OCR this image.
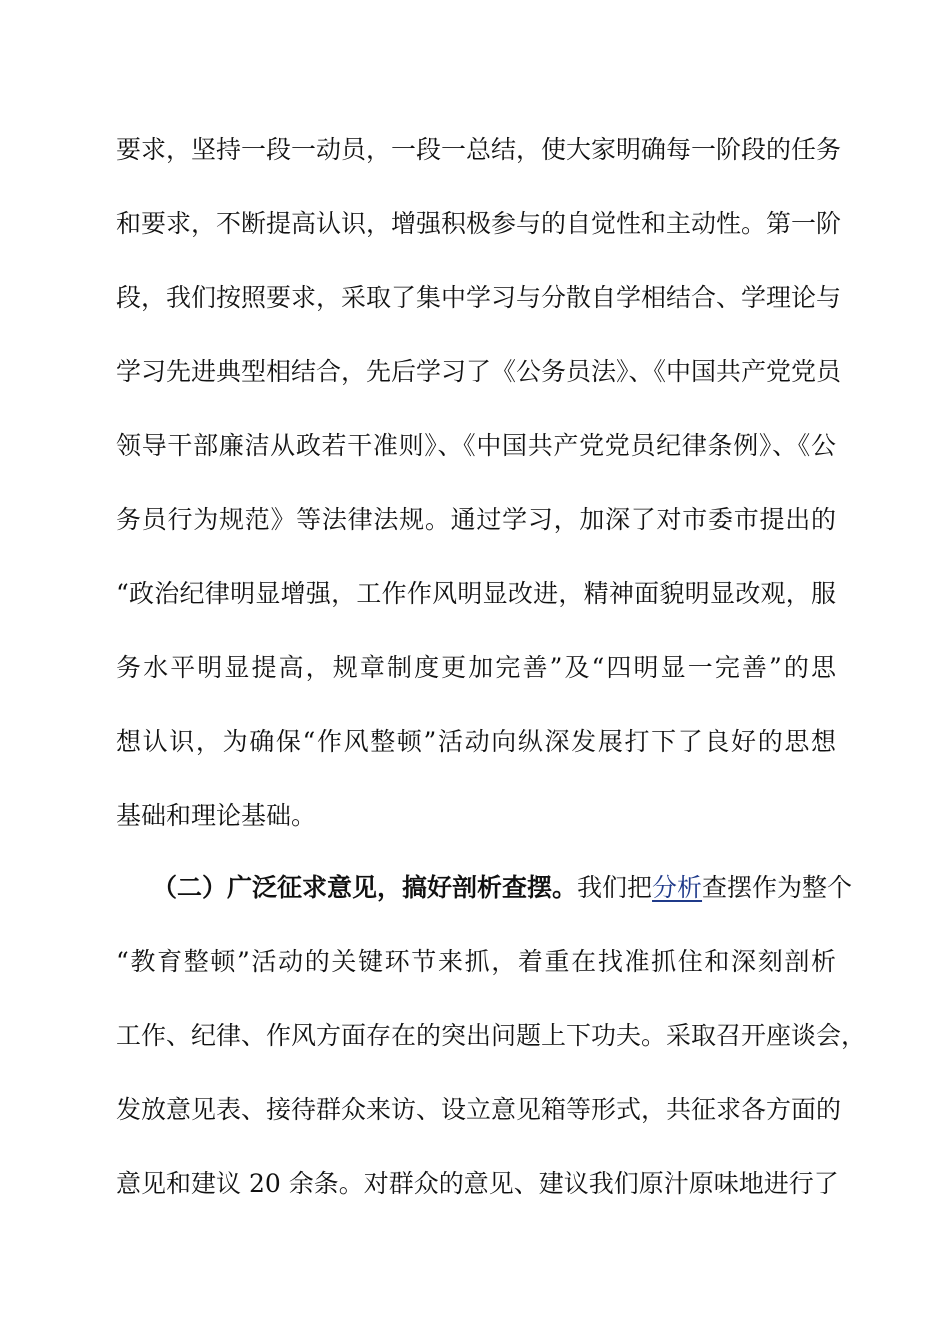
要求，坚持一段一动员，一段一总结，使大家明确每一阶段的任务
和要求，不断提高认识，增强积极参与的自觉性和主动性。第一阶
段，我们按照要求，采取了集中学习与分散自学相结合、学理论与
学习先进典型相结合，先后学习了《公务员法》、《中国共产党党员
领导干部廉洁从政若干准则》、《中国共产党党员纪律条例》、《公
务员行为规范》等法律法规。通过学习，加深了对市委市提出的
“政治纪律明显增强，工作作风明显改进，精神面貌明显改观，服
务水平明显提高，规章制度更加完善”及“四明显一完善”的思
想认识，为确保“作风整顿”活动向纵深发展打下了良好的思想
基础和理论基础。
（二）广泛征求意见，搞好剖析查摆。我们把分析查摆作为整个
“教育整顿”活动的关键环节来抓，着重在找准抓住和深刻剖析
工作、纪律、作风方面存在的突出问题上下功夫。采取召开座谈会，
发放意见表、接待群众来访、设立意见箱等形式，共征求各方面的
意见和建议 20 余条。对群众的意见、建议我们原汁原味地进行了
